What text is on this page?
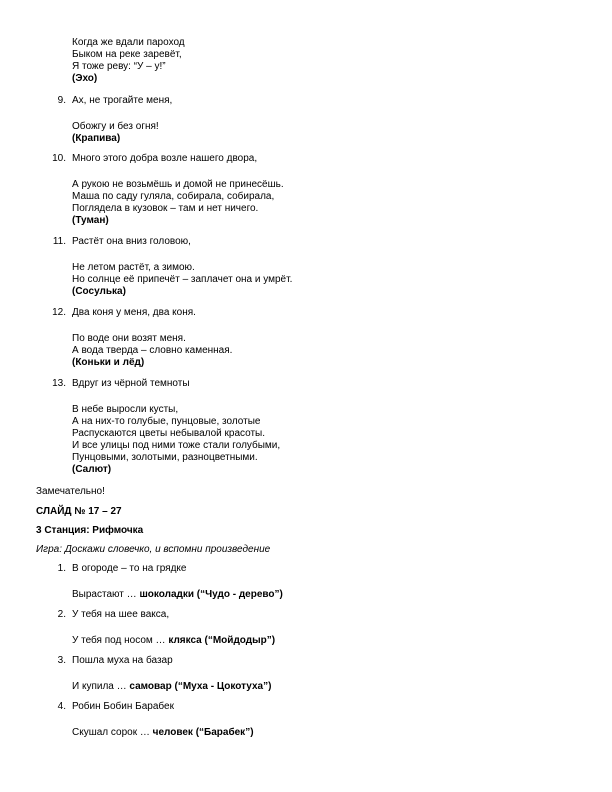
Когда же вдали пароход
Быком на реке заревёт,
Я тоже реву: “У – у!”
(Эхо)
9. Ах, не трогайте меня,
Обожгу и без огня!
(Крапива)
10. Много этого добра возле нашего двора,
А рукою не возьмёшь и домой не принесёшь.
Маша по саду гуляла, собирала, собирала,
Поглядела в кузовок – там и нет ничего.
(Туман)
11. Растёт она вниз головою,
Не летом растёт, а зимою.
Но солнце её припечёт – заплачет она и умрёт.
(Сосулька)
12. Два коня у меня, два коня.
По воде они возят меня.
А вода тверда – словно каменная.
(Коньки и лёд)
13. Вдруг из чёрной темноты
В небе выросли кусты,
А на них-то голубые, пунцовые, золотые
Распускаются цветы небывалой красоты.
И все улицы под ними тоже стали голубыми,
Пунцовыми, золотыми, разноцветными.
(Салют)
Замечательно!
СЛАЙД № 17 – 27
3 Станция: Рифмочка
Игра: Доскажи словечко, и вспомни произведение
1. В огороде – то на грядке
Вырастают … шоколадки (“Чудо - дерево”)
2. У тебя на шее вакса,
У тебя под носом … клякса (“Мойдодыр”)
3. Пошла муха на базар
И купила … самовар (“Муха - Цокотуха”)
4. Робин Бобин Барабек
Скушал сорок … человек (“Барабек”)
